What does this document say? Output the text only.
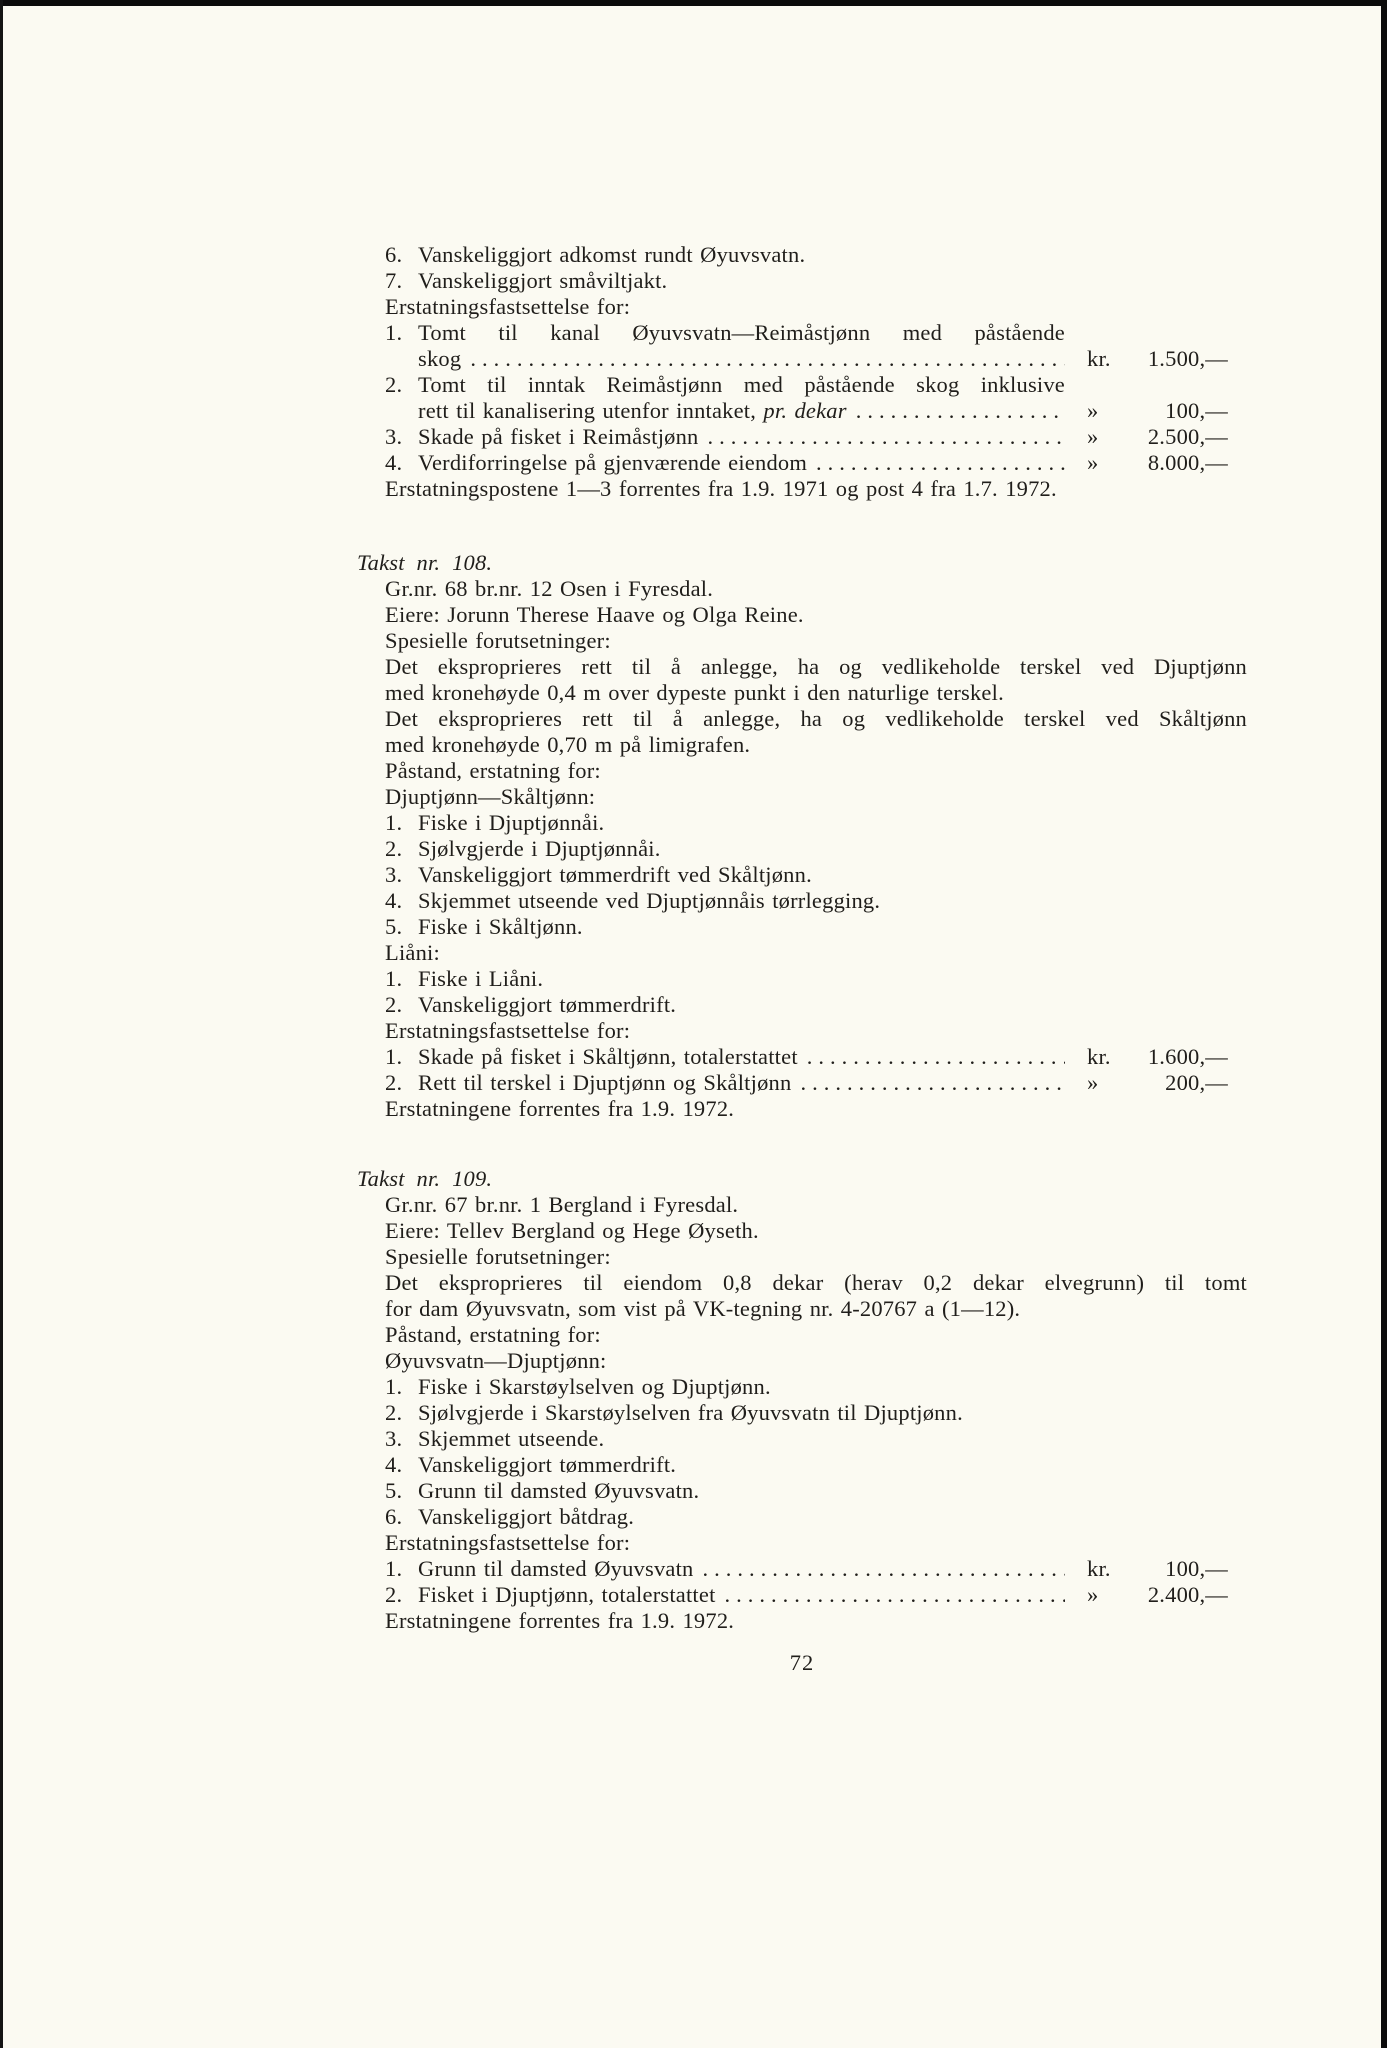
6. Vanskeliggjort adkomst rundt Øyuvsvatn.
7. Vanskeliggjort småviltjakt.
Erstatningsfastsettelse for:
1. Tomt til kanal Øyuvsvatn—Reimåstjønn med påstående
skog .....	kr.	1.500,—
2. Tomt til inntak Reimåstjønn med påstående skog inklusive
rett til kanalisering utenfor inntaket, pr. dekar .....	»	100,—
3. Skade på fisket i Reimåstjønn .....	»	2.500,—
4. Verdiforringelse på gjenværende eiendom .....	»	8.000,—
Erstatningspostene 1—3 forrentes fra 1.9. 1971 og post 4 fra 1.7. 1972.
Takst nr. 108.
Gr.nr. 68 br.nr. 12 Osen i Fyresdal.
Eiere: Jorunn Therese Haave og Olga Reine.
Spesielle forutsetninger:
Det eksproprieres rett til å anlegge, ha og vedlikeholde terskel ved Djuptjønn
med kronehøyde 0,4 m over dypeste punkt i den naturlige terskel.
Det eksproprieres rett til å anlegge, ha og vedlikeholde terskel ved Skåltjønn
med kronehøyde 0,70 m på limigrafen.
Påstand, erstatning for:
Djuptjønn—Skåltjønn:
1. Fiske i Djuptjønnåi.
2. Sjølvgjerde i Djuptjønnåi.
3. Vanskeliggjort tømmerdrift ved Skåltjønn.
4. Skjemmet utseende ved Djuptjønnåis tørrlegging.
5. Fiske i Skåltjønn.
Liåni:
1. Fiske i Liåni.
2. Vanskeliggjort tømmerdrift.
Erstatningsfastsettelse for:
1. Skade på fisket i Skåltjønn, totalerstattet .....	kr.	1.600,—
2. Rett til terskel i Djuptjønn og Skåltjønn .....	»	200,—
Erstatningene forrentes fra 1.9. 1972.
Takst nr. 109.
Gr.nr. 67 br.nr. 1 Bergland i Fyresdal.
Eiere: Tellev Bergland og Hege Øyseth.
Spesielle forutsetninger:
Det eksproprieres til eiendom 0,8 dekar (herav 0,2 dekar elvegrunn) til tomt
for dam Øyuvsvatn, som vist på VK-tegning nr. 4-20767 a (1—12).
Påstand, erstatning for:
Øyuvsvatn—Djuptjønn:
1. Fiske i Skarstøylselven og Djuptjønn.
2. Sjølvgjerde i Skarstøylselven fra Øyuvsvatn til Djuptjønn.
3. Skjemmet utseende.
4. Vanskeliggjort tømmerdrift.
5. Grunn til damsted Øyuvsvatn.
6. Vanskeliggjort båtdrag.
Erstatningsfastsettelse for:
1. Grunn til damsted Øyuvsvatn .....	kr.	100,—
2. Fisket i Djuptjønn, totalerstattet .....	»	2.400,—
Erstatningene forrentes fra 1.9. 1972.
72
